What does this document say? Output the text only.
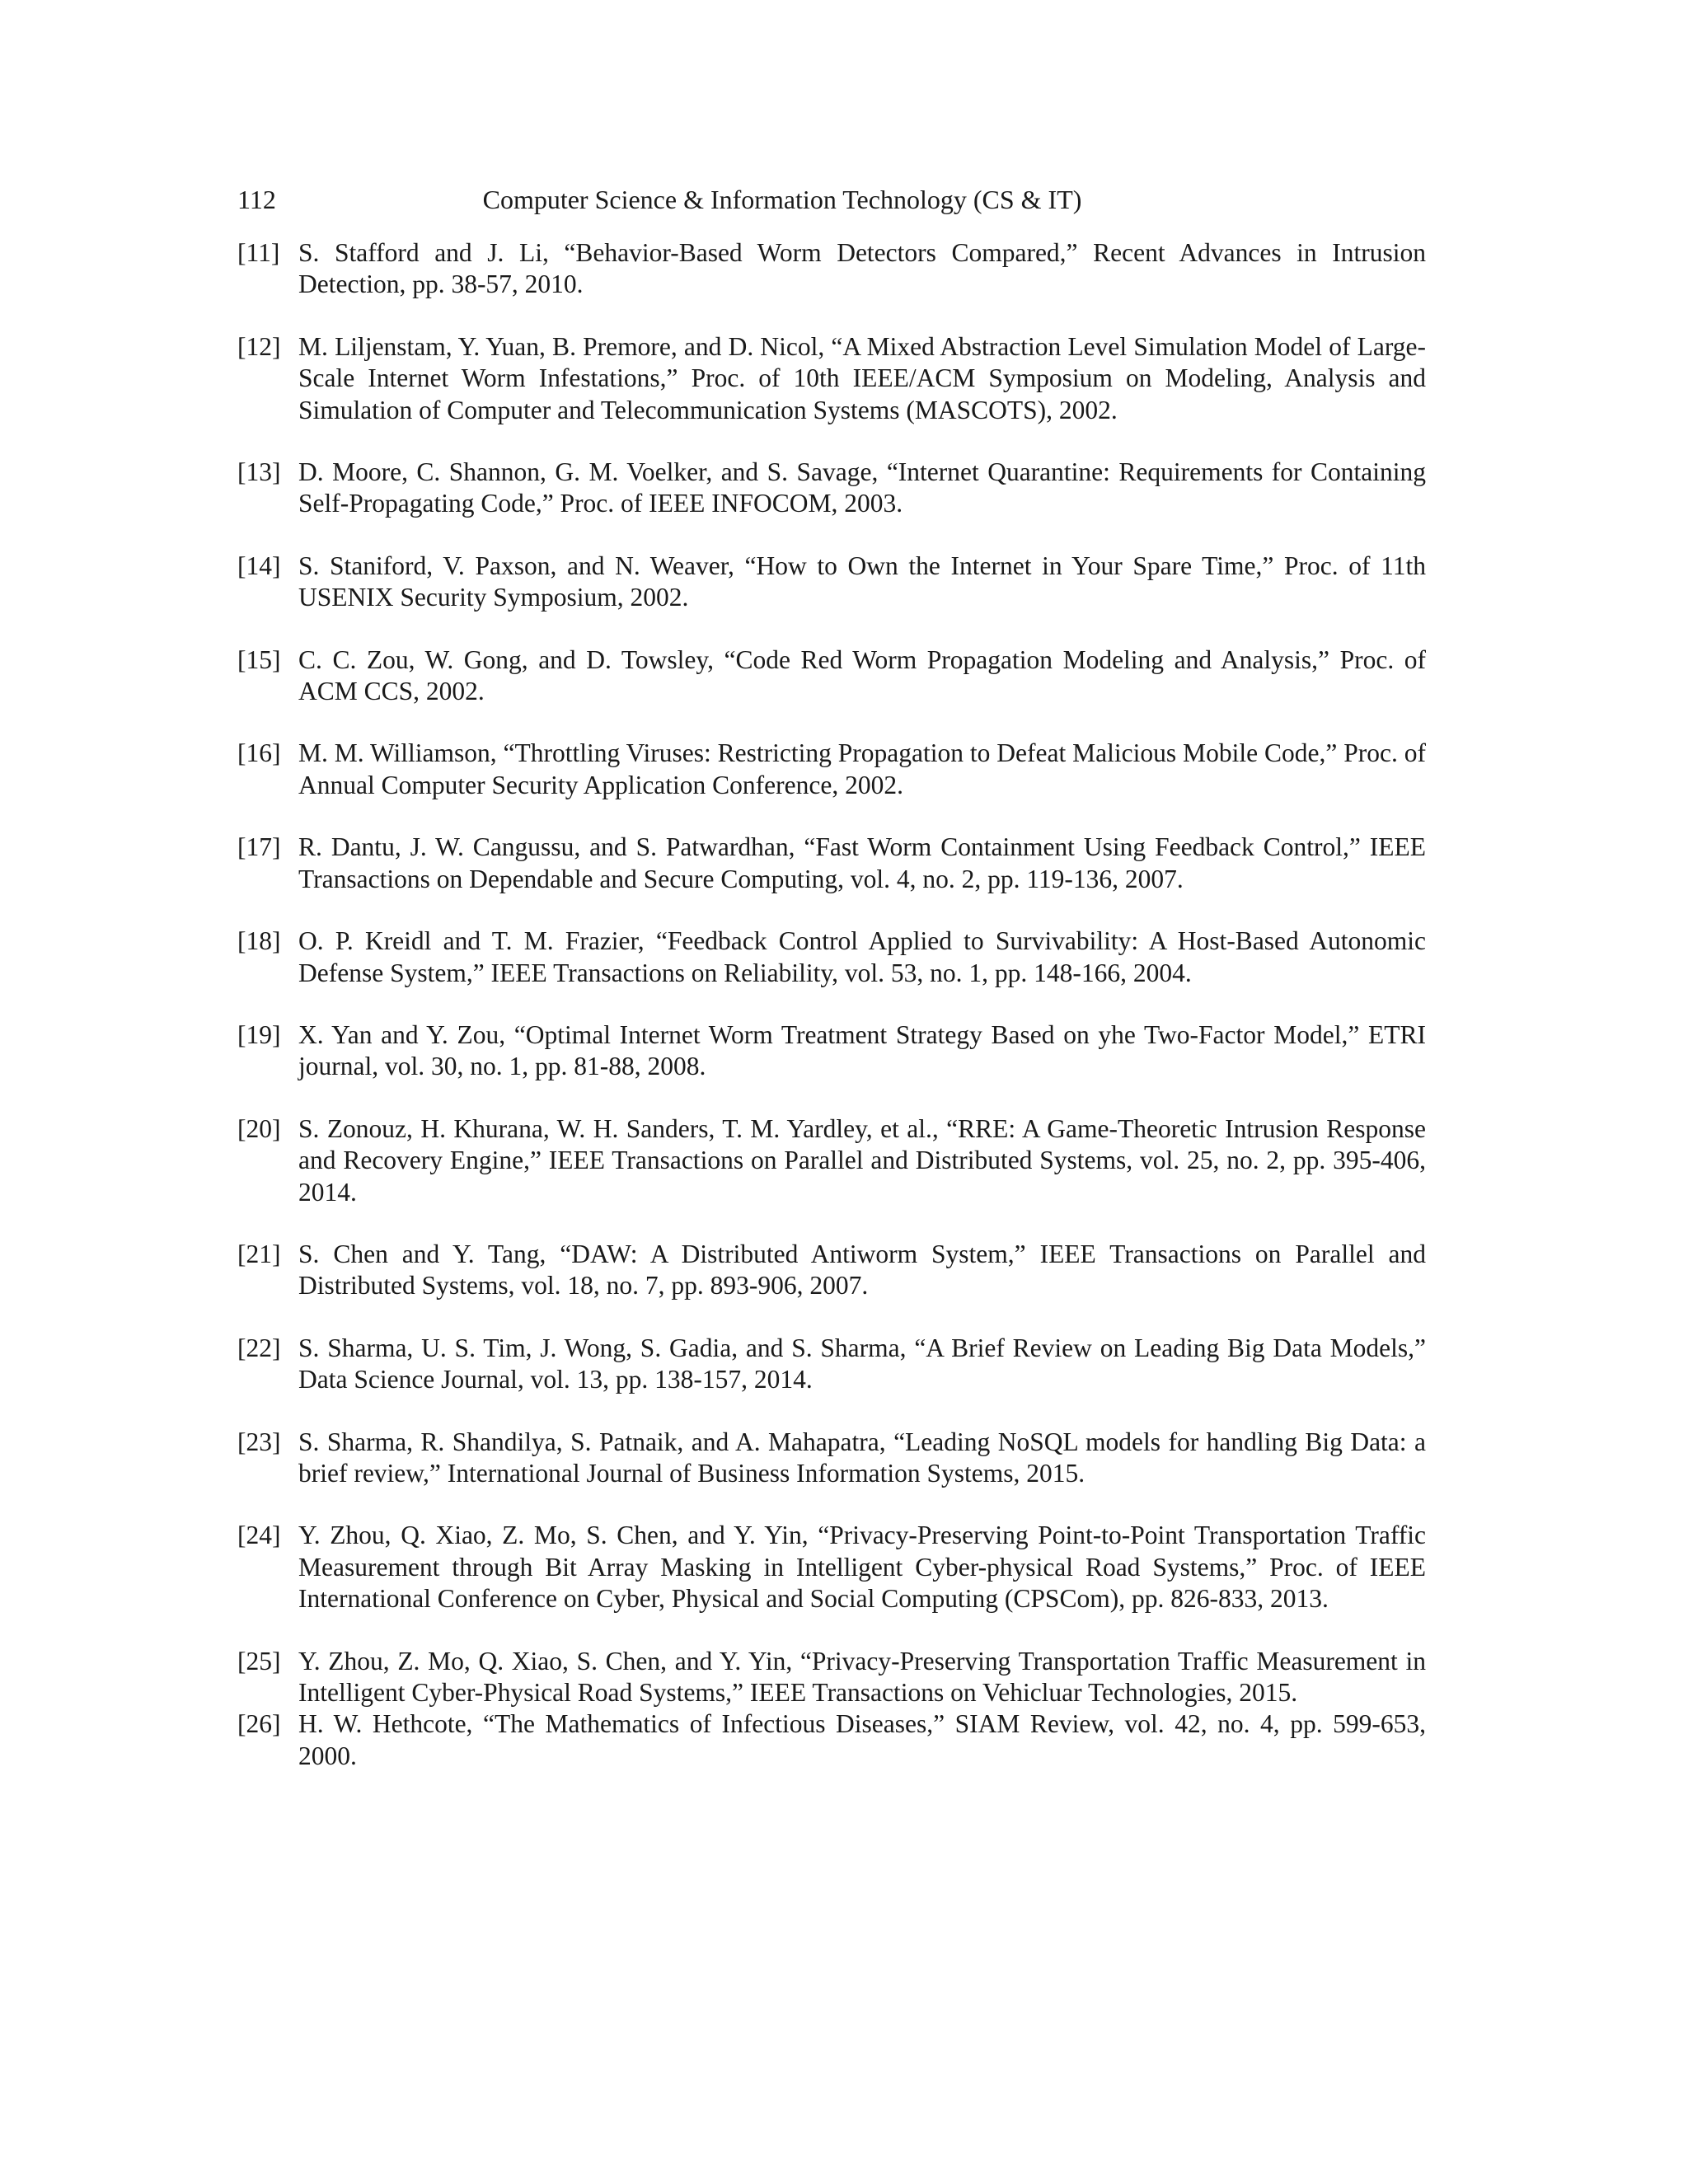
112	Computer Science & Information Technology (CS & IT)
[11] S. Stafford and J. Li, “Behavior-Based Worm Detectors Compared,” Recent Advances in Intrusion Detection, pp. 38-57, 2010.
[12] M. Liljenstam, Y. Yuan, B. Premore, and D. Nicol, “A Mixed Abstraction Level Simulation Model of Large-Scale Internet Worm Infestations,” Proc. of 10th IEEE/ACM Symposium on Modeling, Analysis and Simulation of Computer and Telecommunication Systems (MASCOTS), 2002.
[13] D. Moore, C. Shannon, G. M. Voelker, and S. Savage, “Internet Quarantine: Requirements for Containing Self-Propagating Code,” Proc. of IEEE INFOCOM, 2003.
[14] S. Staniford, V. Paxson, and N. Weaver, “How to Own the Internet in Your Spare Time,” Proc. of 11th USENIX Security Symposium, 2002.
[15] C. C. Zou, W. Gong, and D. Towsley, “Code Red Worm Propagation Modeling and Analysis,” Proc. of ACM CCS, 2002.
[16] M. M. Williamson, “Throttling Viruses: Restricting Propagation to Defeat Malicious Mobile Code,” Proc. of Annual Computer Security Application Conference, 2002.
[17] R. Dantu, J. W. Cangussu, and S. Patwardhan, “Fast Worm Containment Using Feedback Control,” IEEE Transactions on Dependable and Secure Computing, vol. 4, no. 2, pp. 119-136, 2007.
[18] O. P. Kreidl and T. M. Frazier, “Feedback Control Applied to Survivability: A Host-Based Autonomic Defense System,” IEEE Transactions on Reliability, vol. 53, no. 1, pp. 148-166, 2004.
[19] X. Yan and Y. Zou, “Optimal Internet Worm Treatment Strategy Based on yhe Two-Factor Model,” ETRI journal, vol. 30, no. 1, pp. 81-88, 2008.
[20] S. Zonouz, H. Khurana, W. H. Sanders, T. M. Yardley, et al., “RRE: A Game-Theoretic Intrusion Response and Recovery Engine,” IEEE Transactions on Parallel and Distributed Systems, vol. 25, no. 2, pp. 395-406, 2014.
[21] S. Chen and Y. Tang, “DAW: A Distributed Antiworm System,” IEEE Transactions on Parallel and Distributed Systems, vol. 18, no. 7, pp. 893-906, 2007.
[22] S. Sharma, U. S. Tim, J. Wong, S. Gadia, and S. Sharma, “A Brief Review on Leading Big Data Models,” Data Science Journal, vol. 13, pp. 138-157, 2014.
[23] S. Sharma, R. Shandilya, S. Patnaik, and A. Mahapatra, “Leading NoSQL models for handling Big Data: a brief review,” International Journal of Business Information Systems, 2015.
[24] Y. Zhou, Q. Xiao, Z. Mo, S. Chen, and Y. Yin, “Privacy-Preserving Point-to-Point Transportation Traffic Measurement through Bit Array Masking in Intelligent Cyber-physical Road Systems,” Proc. of IEEE International Conference on Cyber, Physical and Social Computing (CPSCom), pp. 826-833, 2013.
[25] Y. Zhou, Z. Mo, Q. Xiao, S. Chen, and Y. Yin, “Privacy-Preserving Transportation Traffic Measurement in Intelligent Cyber-Physical Road Systems,” IEEE Transactions on Vehicluar Technologies, 2015.
[26] H. W. Hethcote, “The Mathematics of Infectious Diseases,” SIAM Review, vol. 42, no. 4, pp. 599-653, 2000.
